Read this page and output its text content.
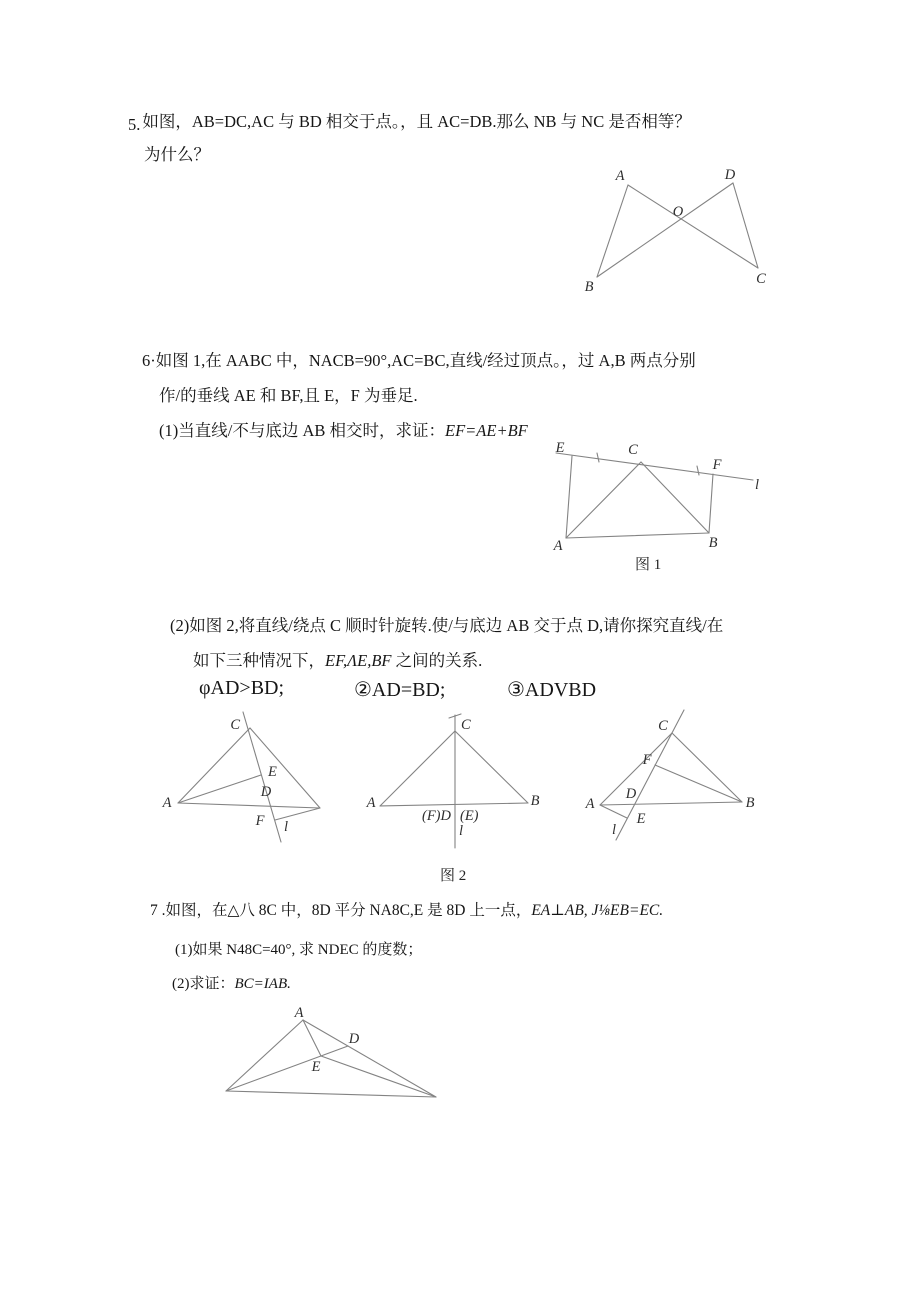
5. 如图，AB=DC,AC 与 BD 相交于点。，且 AC=DB.那么 NB 与 NC 是否相等？

为什么？

A	D
O
B	C

6·如图 1,在 AABC 中，NACB=90°,AC=BC,直线/经过顶点。，过 A,B 两点分别

作/的垂线 AE 和 BF,且 E，F 为垂足.

(1)当直线/不与底边 AB 相交时，求证：EF=AE+BF

E	C
F
l
A	B

图 1

(2)如图 2,将直线/绕点 C 顺时针旋转.使/与底边 AB 交于点 D,请你探究直线/在

如下三种情况下，EF,ΛE,BF 之间的关系.

φAD>BD;	②AD=BD;	③ADVBD
C
E
D
F l
A
C
A	B
(F)D (E)
l
C
F
D
E
l
A	B

图 2

7 .如图，在△八 8C 中，8D 平分 NA8C,E 是 8D 上一点，EA⊥AB, J⅛EB=EC.

(1)如果 N48C=40°, 求 NDEC 的度数；

(2)求证：BC=IAB.

A
D
E
